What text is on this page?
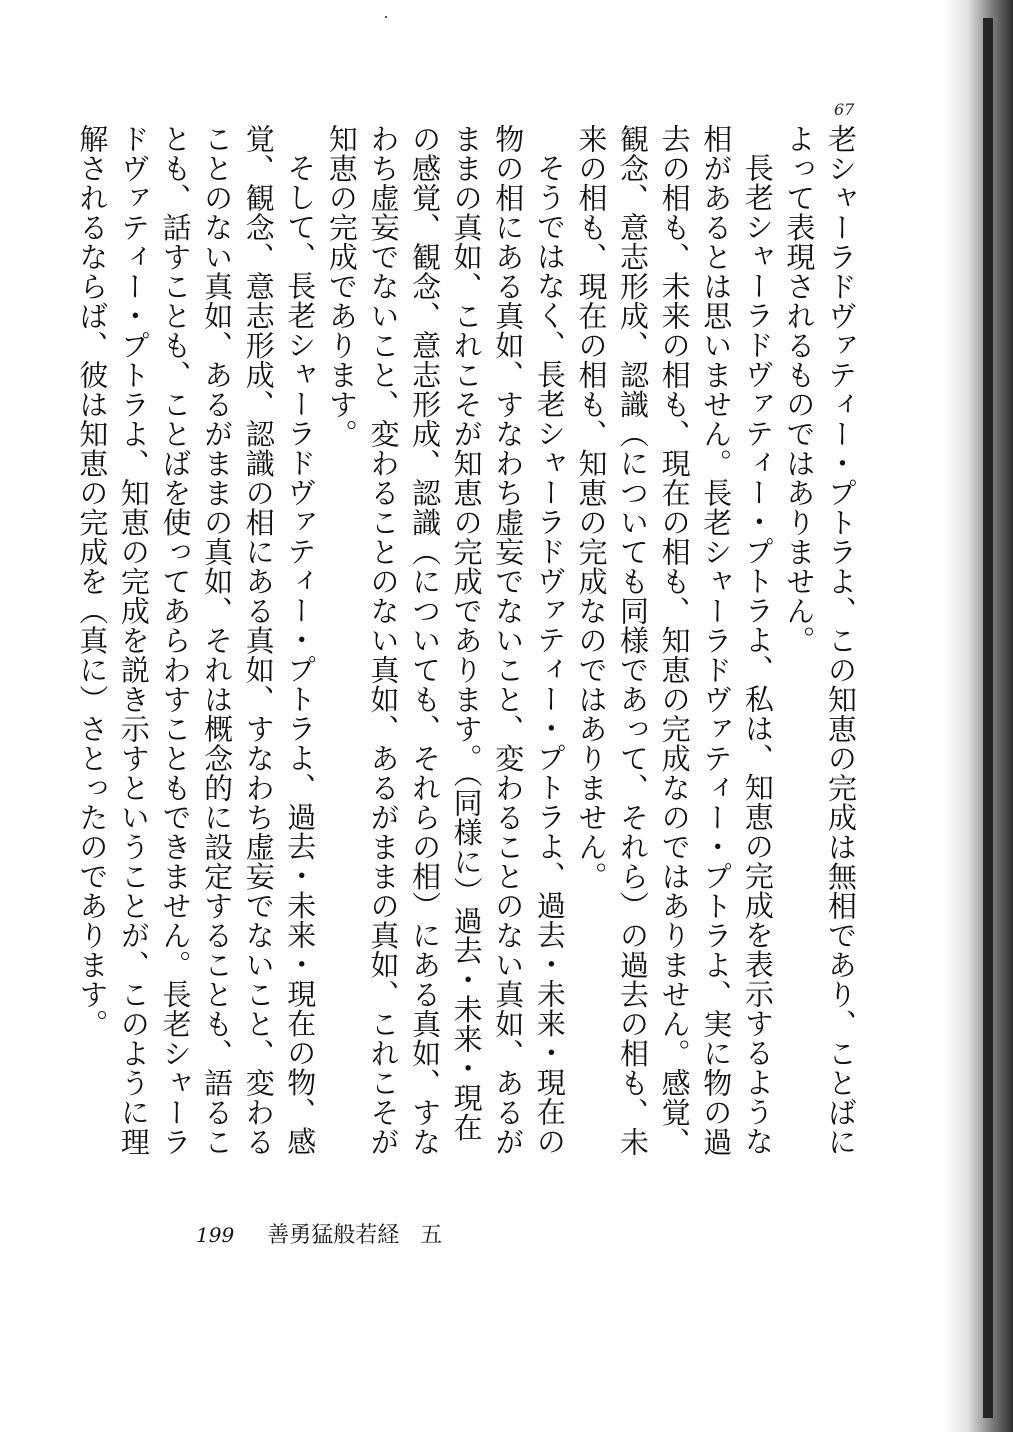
67

老シャーラドヴァティー・プトラよ、この知恵の完成は無相であり、ことばによって表現されるものではありません。

長老シャーラドヴァティー・プトラよ、私は、知恵の完成を表示するような相があるとは思いません。長老シャーラドヴァティー・プトラよ、実に物の過去の相も、未来の相も、現在の相も、知恵の完成なのではありません。感覚、観念、意志形成、認識（についても同様であって、それら）の過去の相も、未来の相も、現在の相も、知恵の完成なのではありません。

そうではなく、長老シャーラドヴァティー・プトラよ、過去・未来・現在の物の相にある真如、すなわち虚妄でないこと、変わることのない真如、あるがままの真如、これこそが知恵の完成であります。（同様に）過去・未来・現在の感覚、観念、意志形成、認識（についても、それらの相）にある真如、すなわち虚妄でないこと、変わることのない真如、あるがままの真如、これこそが知恵の完成であります。

そして、長老シャーラドヴァティー・プトラよ、過去・未来・現在の物、感覚、観念、意志形成、認識の相にある真如、すなわち虚妄でないこと、変わることのない真如、あるがままの真如、それは概念的に設定することも、語ることも、話すことも、ことばを使ってあらわすこともできません。長老シャーラドヴァティー・プトラよ、知恵の完成を説き示すということが、このように理解されるならば、彼は知恵の完成を（真に）さとったのであります。

199 善勇猛般若経 五
